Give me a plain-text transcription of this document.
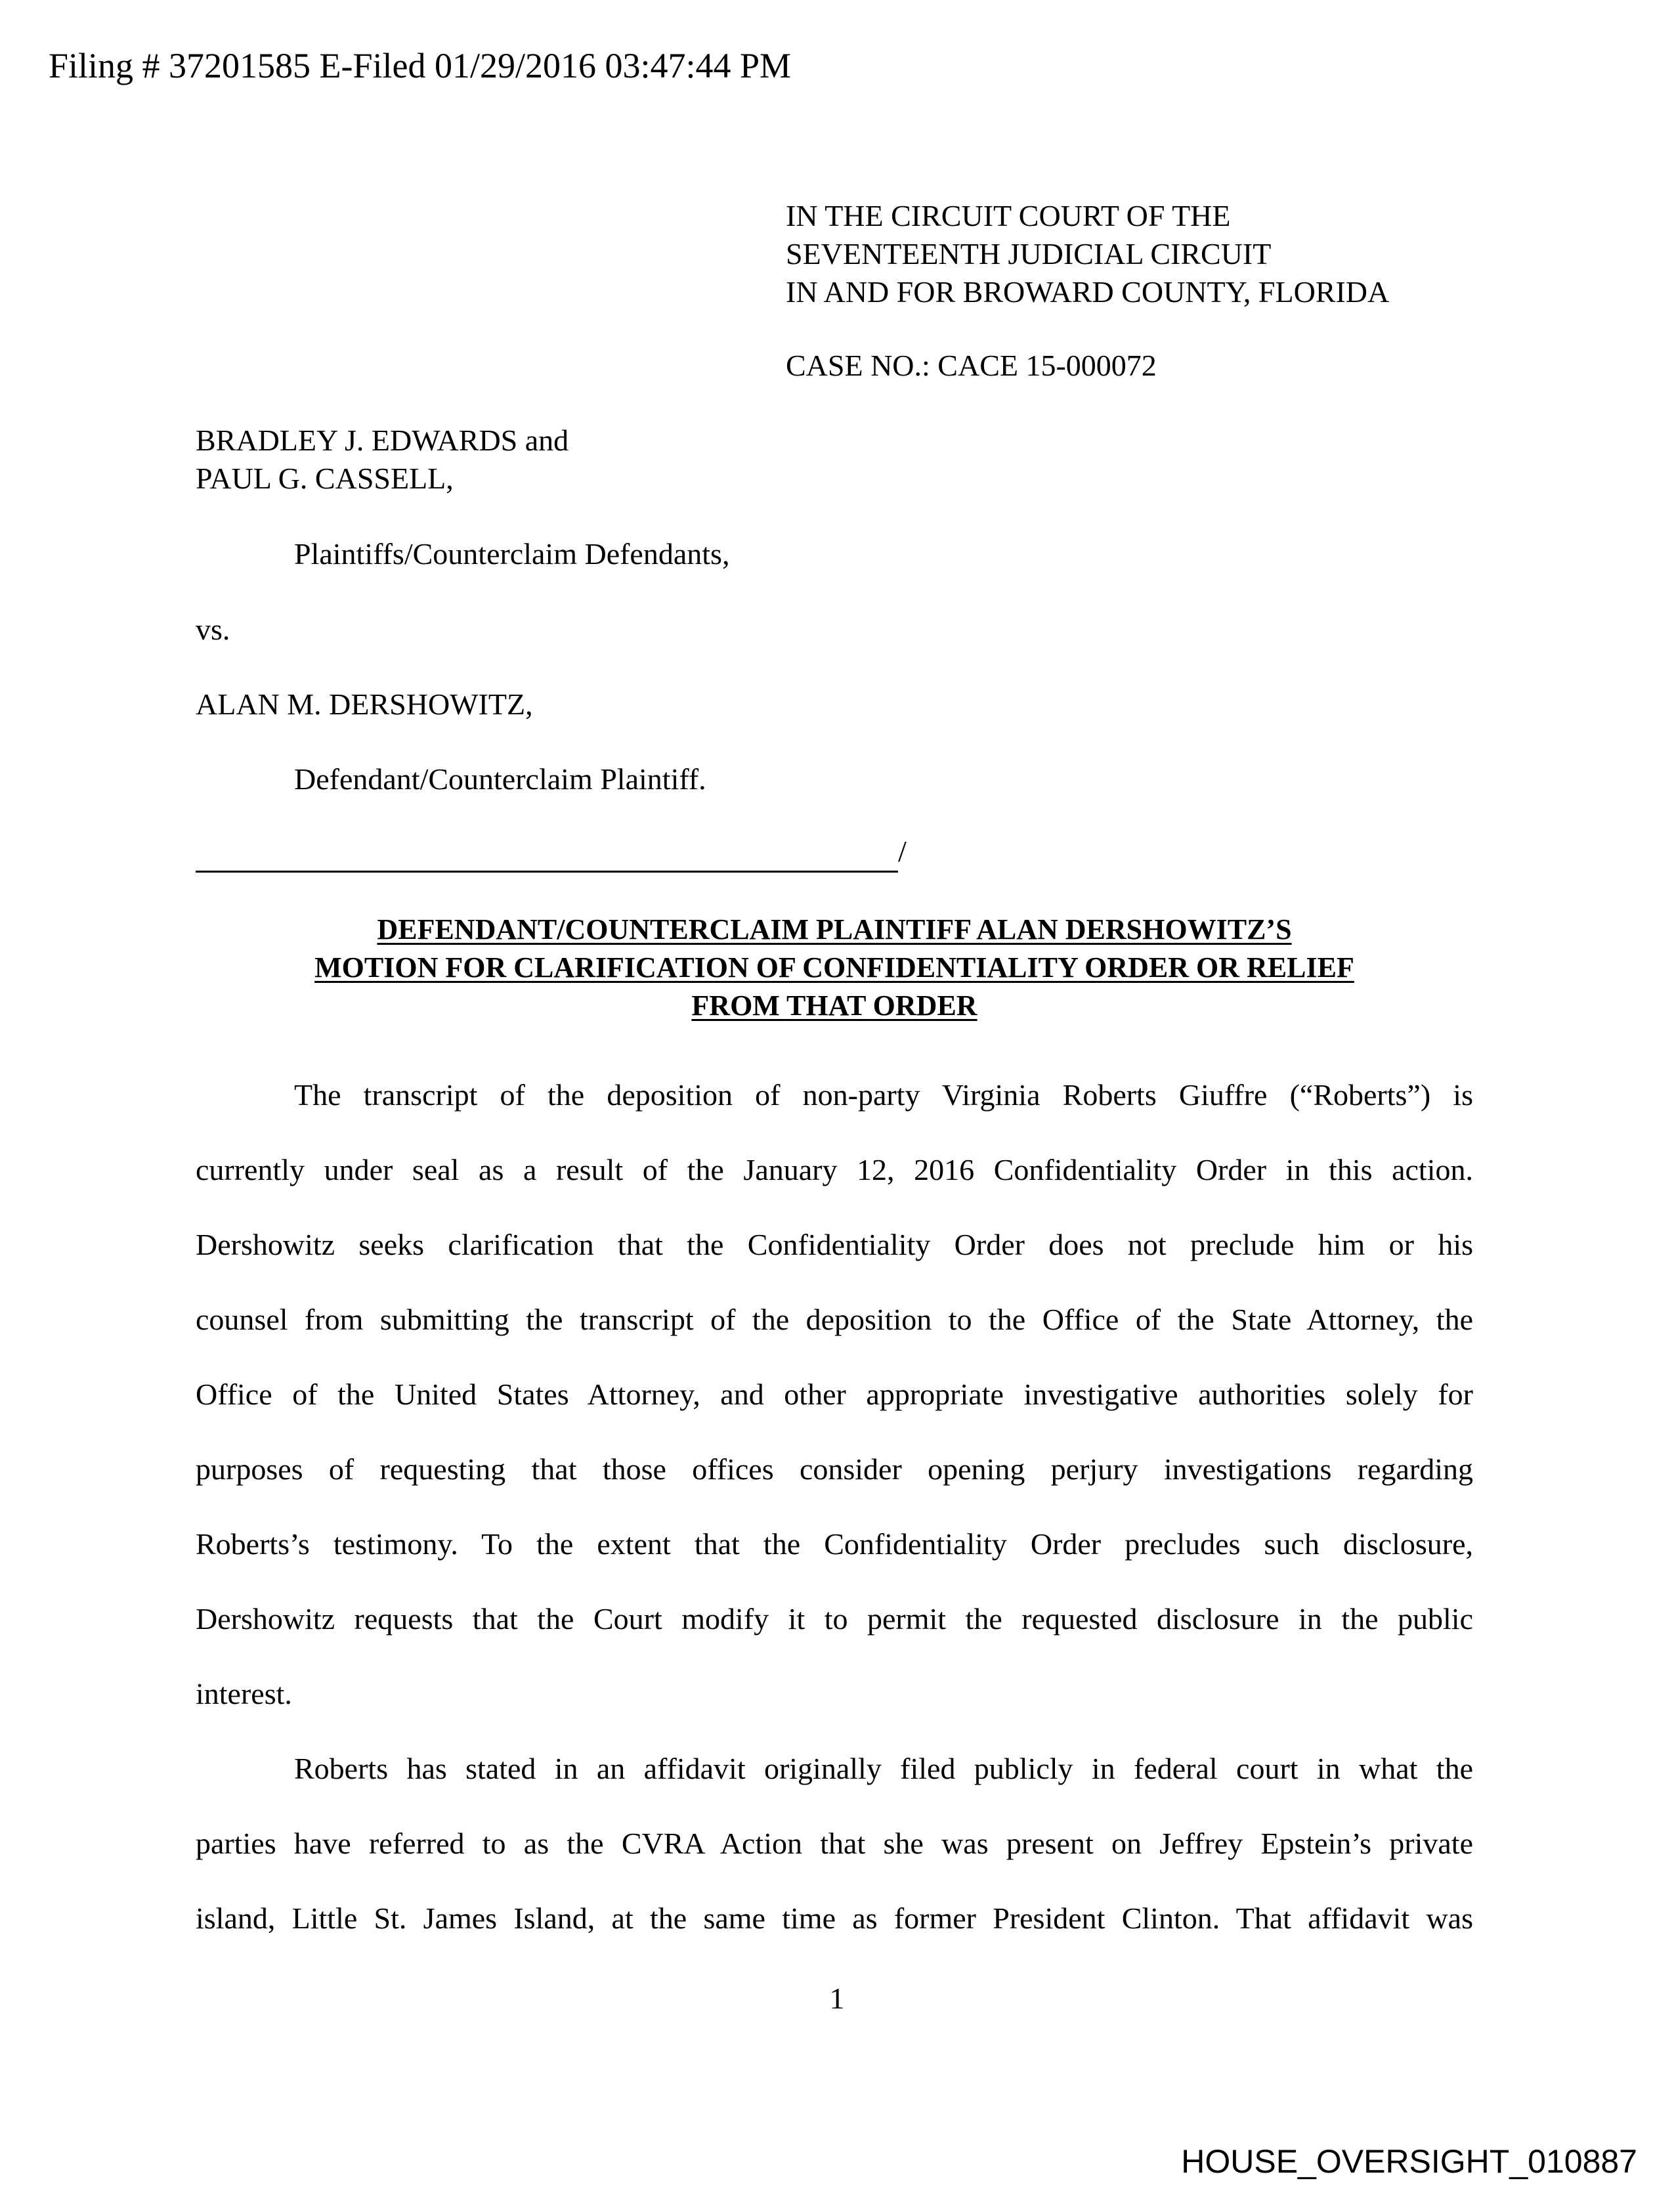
Filing # 37201585 E-Filed 01/29/2016 03:47:44 PM
IN THE CIRCUIT COURT OF THE
SEVENTEENTH JUDICIAL CIRCUIT
IN AND FOR BROWARD COUNTY, FLORIDA
CASE NO.: CACE 15-000072
BRADLEY J. EDWARDS and
PAUL G. CASSELL,
Plaintiffs/Counterclaim Defendants,
vs.
ALAN M. DERSHOWITZ,
Defendant/Counterclaim Plaintiff.
/
DEFENDANT/COUNTERCLAIM PLAINTIFF ALAN DERSHOWITZ’S
MOTION FOR CLARIFICATION OF CONFIDENTIALITY ORDER OR RELIEF
FROM THAT ORDER
The transcript of the deposition of non-party Virginia Roberts Giuffre (“Roberts”) is
currently under seal as a result of the January 12, 2016 Confidentiality Order in this action.
Dershowitz seeks clarification that the Confidentiality Order does not preclude him or his
counsel from submitting the transcript of the deposition to the Office of the State Attorney, the
Office of the United States Attorney, and other appropriate investigative authorities solely for
purposes of requesting that those offices consider opening perjury investigations regarding
Roberts’s testimony. To the extent that the Confidentiality Order precludes such disclosure,
Dershowitz requests that the Court modify it to permit the requested disclosure in the public
interest.
Roberts has stated in an affidavit originally filed publicly in federal court in what the
parties have referred to as the CVRA Action that she was present on Jeffrey Epstein’s private
island, Little St. James Island, at the same time as former President Clinton. That affidavit was
1
HOUSE_OVERSIGHT_010887
